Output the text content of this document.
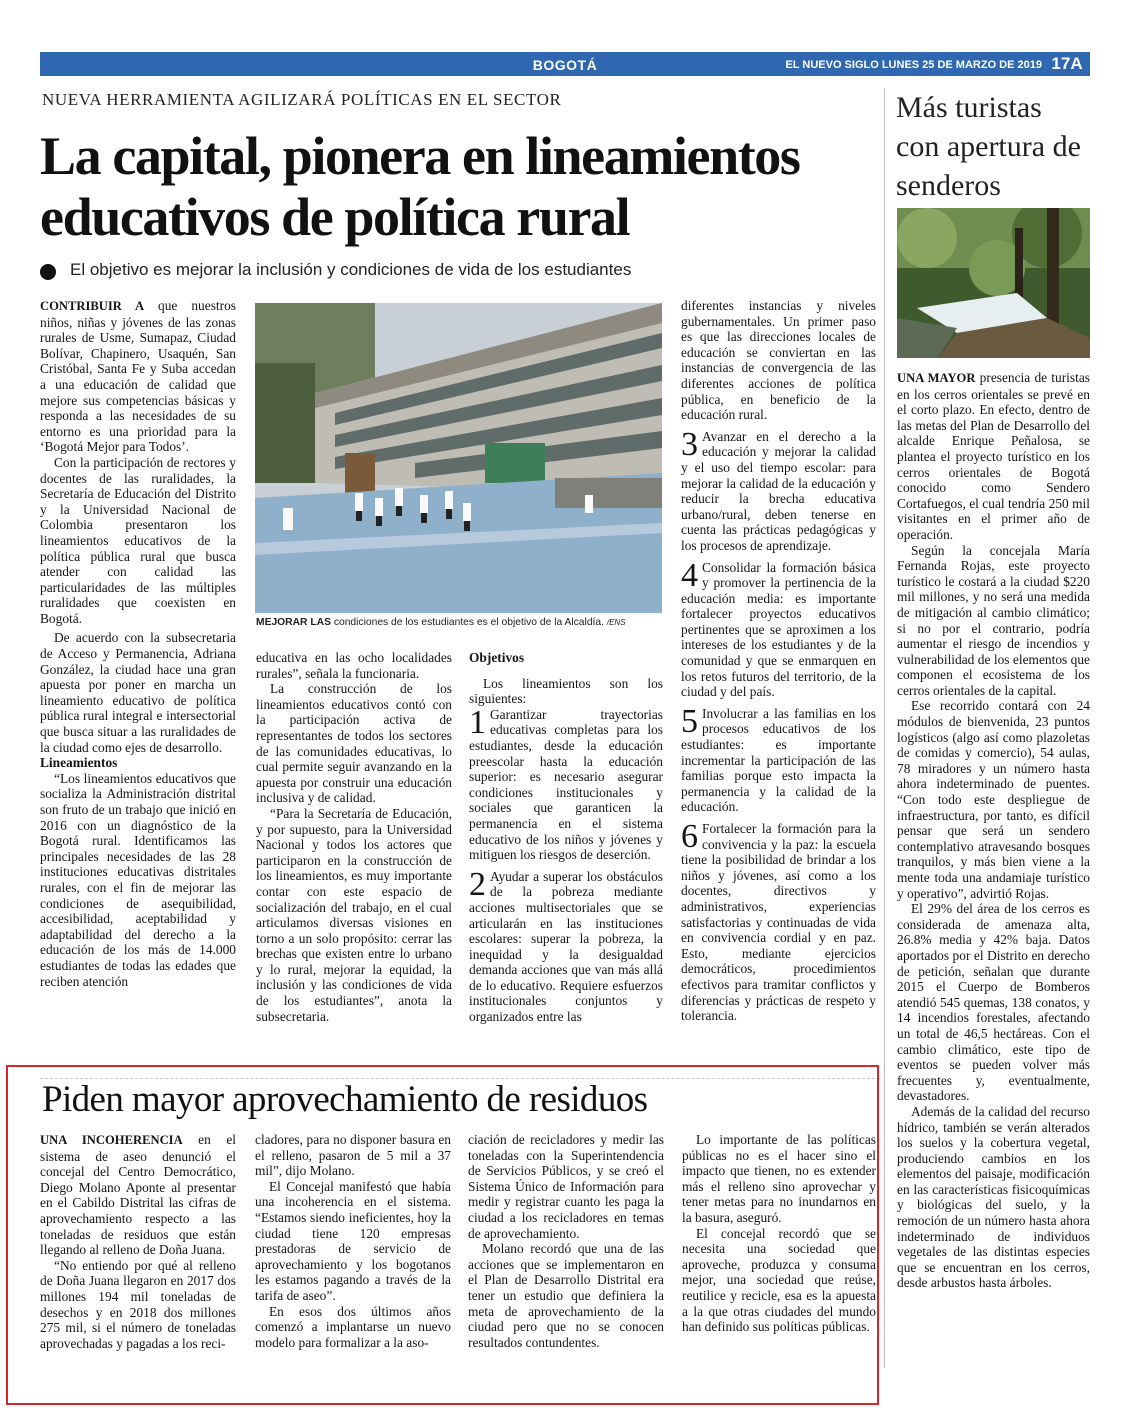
BOGOTÁ	EL NUEVO SIGLO LUNES 25 DE MARZO DE 2019 17A
NUEVA HERRAMIENTA AGILIZARÁ POLÍTICAS EN EL SECTOR
La capital, pionera en lineamientos educativos de política rural
El objetivo es mejorar la inclusión y condiciones de vida de los estudiantes

CONTRIBUIR A que nuestros niños, niñas y jóvenes de las zonas rurales de Usme, Sumapaz, Ciudad Bolívar, Chapinero, Usaquén, San Cristóbal, Santa Fe y Suba accedan a una educación de calidad que mejore sus competencias básicas y responda a las necesidades de su entorno es una prioridad para la ‘Bogotá Mejor para Todos’.

Con la participación de rectores y docentes de las ruralidades, la Secretaría de Educación del Distrito y la Universidad Nacional de Colombia presentaron los lineamientos educativos de la política pública rural que busca atender con calidad las particularidades de las múltiples ruralidades que coexisten en Bogotá.

De acuerdo con la subsecretaria de Acceso y Permanencia, Adriana González, la ciudad hace una gran apuesta por poner en marcha un lineamiento educativo de política pública rural integral e intersectorial que busca situar a las ruralidades de la ciudad como ejes de desarrollo.

Lineamientos

“Los lineamientos educativos que socializa la Administración distrital son fruto de un trabajo que inició en 2016 con un diagnóstico de la Bogotá rural. Identificamos las principales necesidades de las 28 instituciones educativas distritales rurales, con el fin de mejorar las condiciones de asequibilidad, accesibilidad, aceptabilidad y adaptabilidad del derecho a la educación de los más de 14.000 estudiantes de todas las edades que reciben atención

MEJORAR LAS condiciones de los estudiantes es el objetivo de la Alcaldía. /ENS

educativa en las ocho localidades rurales”, señala la funcionaria.

La construcción de los lineamientos educativos contó con la participación activa de representantes de todos los sectores de las comunidades educativas, lo cual permite seguir avanzando en la apuesta por construir una educación inclusiva y de calidad.

“Para la Secretaría de Educación, y por supuesto, para la Universidad Nacional y todos los actores que participaron en la construcción de los lineamientos, es muy importante contar con este espacio de socialización del trabajo, en el cual articulamos diversas visiones en torno a un solo propósito: cerrar las brechas que existen entre lo urbano y lo rural, mejorar la equidad, la inclusión y las condiciones de vida de los estudiantes”, anota la subsecretaria.

Objetivos

Los lineamientos son los siguientes:

1 Garantizar trayectorias educativas completas para los estudiantes, desde la educación preescolar hasta la educación superior: es necesario asegurar condiciones institucionales y sociales que garanticen la permanencia en el sistema educativo de los niños y jóvenes y mitiguen los riesgos de deserción.

2 Ayudar a superar los obstáculos de la pobreza mediante acciones multisectoriales que se articularán en las instituciones escolares: superar la pobreza, la inequidad y la desigualdad demanda acciones que van más allá de lo educativo. Requiere esfuerzos institucionales conjuntos y organizados entre las

diferentes instancias y niveles gubernamentales. Un primer paso es que las direcciones locales de educación se conviertan en las instancias de convergencia de las diferentes acciones de política pública, en beneficio de la educación rural.

3 Avanzar en el derecho a la educación y mejorar la calidad y el uso del tiempo escolar: para mejorar la calidad de la educación y reducir la brecha educativa urbano/rural, deben tenerse en cuenta las prácticas pedagógicas y los procesos de aprendizaje.

4 Consolidar la formación básica y promover la pertinencia de la educación media: es importante fortalecer proyectos educativos pertinentes que se aproximen a los intereses de los estudiantes y de la comunidad y que se enmarquen en los retos futuros del territorio, de la ciudad y del país.

5 Involucrar a las familias en los procesos educativos de los estudiantes: es importante incrementar la participación de las familias porque esto impacta la permanencia y la calidad de la educación.

6 Fortalecer la formación para la convivencia y la paz: la escuela tiene la posibilidad de brindar a los niños y jóvenes, así como a los docentes, directivos y administrativos, experiencias satisfactorias y continuadas de vida en convivencia cordial y en paz. Esto, mediante ejercicios democráticos, procedimientos efectivos para tramitar conflictos y diferencias y prácticas de respeto y tolerancia.

Más turistas con apertura de senderos

UNA MAYOR presencia de turistas en los cerros orientales se prevé en el corto plazo. En efecto, dentro de las metas del Plan de Desarrollo del alcalde Enrique Peñalosa, se plantea el proyecto turístico en los cerros orientales de Bogotá conocido como Sendero Cortafuegos, el cual tendría 250 mil visitantes en el primer año de operación.

Según la concejala María Fernanda Rojas, este proyecto turístico le costará a la ciudad $220 mil millones, y no será una medida de mitigación al cambio climático; si no por el contrario, podría aumentar el riesgo de incendios y vulnerabilidad de los elementos que componen el ecosistema de los cerros orientales de la capital.

Ese recorrido contará con 24 módulos de bienvenida, 23 puntos logísticos (algo así como plazoletas de comidas y comercio), 54 aulas, 78 miradores y un número hasta ahora indeterminado de puentes. “Con todo este despliegue de infraestructura, por tanto, es difícil pensar que será un sendero contemplativo atravesando bosques tranquilos, y más bien viene a la mente toda una andamiaje turístico y operativo”, advirtió Rojas.

El 29% del área de los cerros es considerada de amenaza alta, 26.8% media y 42% baja. Datos aportados por el Distrito en derecho de petición, señalan que durante 2015 el Cuerpo de Bomberos atendió 545 quemas, 138 conatos, y 14 incendios forestales, afectando un total de 46,5 hectáreas. Con el cambio climático, este tipo de eventos se pueden volver más frecuentes y, eventualmente, devastadores.

Además de la calidad del recurso hídrico, también se verán alterados los suelos y la cobertura vegetal, produciendo cambios en los elementos del paisaje, modificación en las características fisicoquímicas y biológicas del suelo, y la remoción de un número hasta ahora indeterminado de individuos vegetales de las distintas especies que se encuentran en los cerros, desde arbustos hasta árboles.

Piden mayor aprovechamiento de residuos

UNA INCOHERENCIA en el sistema de aseo denunció el concejal del Centro Democrático, Diego Molano Aponte al presentar en el Cabildo Distrital las cifras de aprovechamiento respecto a las toneladas de residuos que están llegando al relleno de Doña Juana.

“No entiendo por qué al relleno de Doña Juana llegaron en 2017 dos millones 194 mil toneladas de desechos y en 2018 dos millones 275 mil, si el número de toneladas aprovechadas y pagadas a los reci-

cladores, para no disponer basura en el relleno, pasaron de 5 mil a 37 mil”, dijo Molano.

El Concejal manifestó que había una incoherencia en el sistema. “Estamos siendo ineficientes, hoy la ciudad tiene 120 empresas prestadoras de servicio de aprovechamiento y los bogotanos les estamos pagando a través de la tarifa de aseo”.

En esos dos últimos años comenzó a implantarse un nuevo modelo para formalizar a la aso-

ciación de recicladores y medir las toneladas con la Superintendencia de Servicios Públicos, y se creó el Sistema Único de Información para medir y registrar cuanto les paga la ciudad a los recicladores en temas de aprovechamiento.

Molano recordó que una de las acciones que se implementaron en el Plan de Desarrollo Distrital era tener un estudio que definiera la meta de aprovechamiento de la ciudad pero que no se conocen resultados contundentes.

Lo importante de las políticas públicas no es el hacer sino el impacto que tienen, no es extender más el relleno sino aprovechar y tener metas para no inundarnos en la basura, aseguró.

El concejal recordó que se necesita una sociedad que aproveche, produzca y consuma mejor, una sociedad que reúse, reutilice y recicle, esa es la apuesta a la que otras ciudades del mundo han definido sus políticas públicas.
